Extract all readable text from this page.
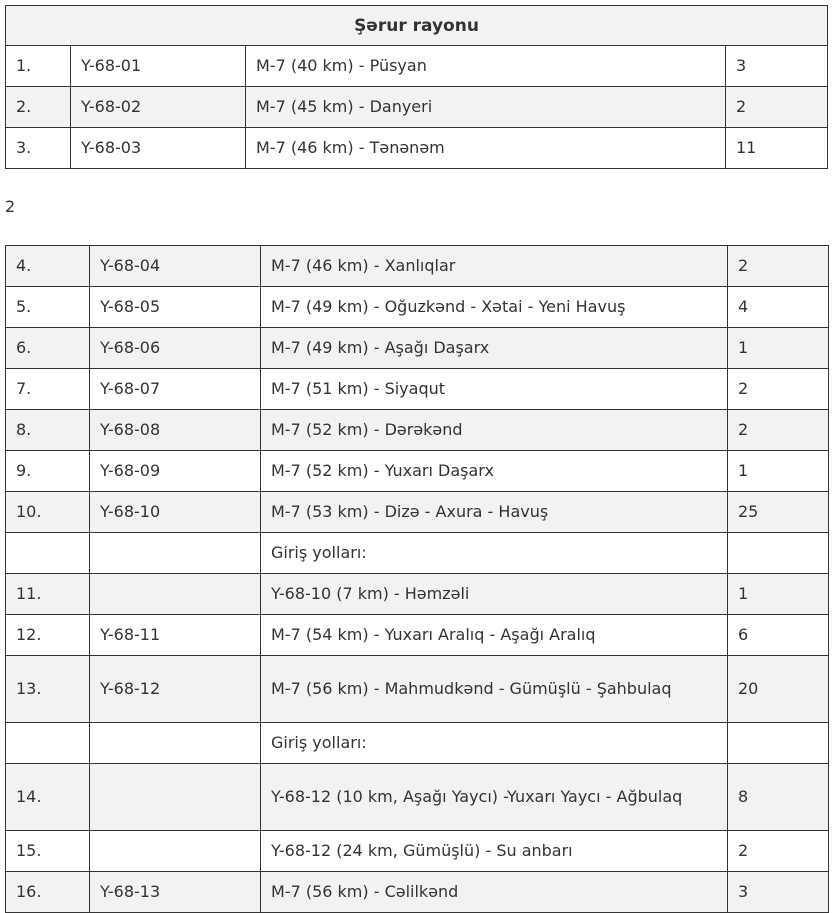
Şərur rayonu			
1.	Y-68-01	M-7 (40 km) - Püsyan	3
2.	Y-68-02	M-7 (45 km) - Danyeri	2
3.	Y-68-03	M-7 (46 km) - Tənənəm	11
2
4.	Y-68-04	M-7 (46 km) - Xanlıqlar	2
5.	Y-68-05	M-7 (49 km) - Oğuzkənd - Xətai - Yeni Havuş	4
6.	Y-68-06	M-7 (49 km) - Aşağı Daşarx	1
7.	Y-68-07	M-7 (51 km) - Siyaqut	2
8.	Y-68-08	M-7 (52 km) - Dərəkənd	2
9.	Y-68-09	M-7 (52 km) - Yuxarı Daşarx	1
10.	Y-68-10	M-7 (53 km) - Dizə - Axura - Havuş	25
		Giriş yolları:	
11.		Y-68-10 (7 km) - Həmzəli	1
12.	Y-68-11	M-7 (54 km) - Yuxarı Aralıq - Aşağı Aralıq	6
13.	Y-68-12	M-7 (56 km) - Mahmudkənd - Gümüşlü - Şahbulaq	20
		Giriş yolları:	
14.		Y-68-12 (10 km, Aşağı Yaycı) -Yuxarı Yaycı - Ağbulaq	8
15.		Y-68-12 (24 km, Gümüşlü) - Su anbarı	2
16.	Y-68-13	M-7 (56 km) - Cəlilkənd	3
